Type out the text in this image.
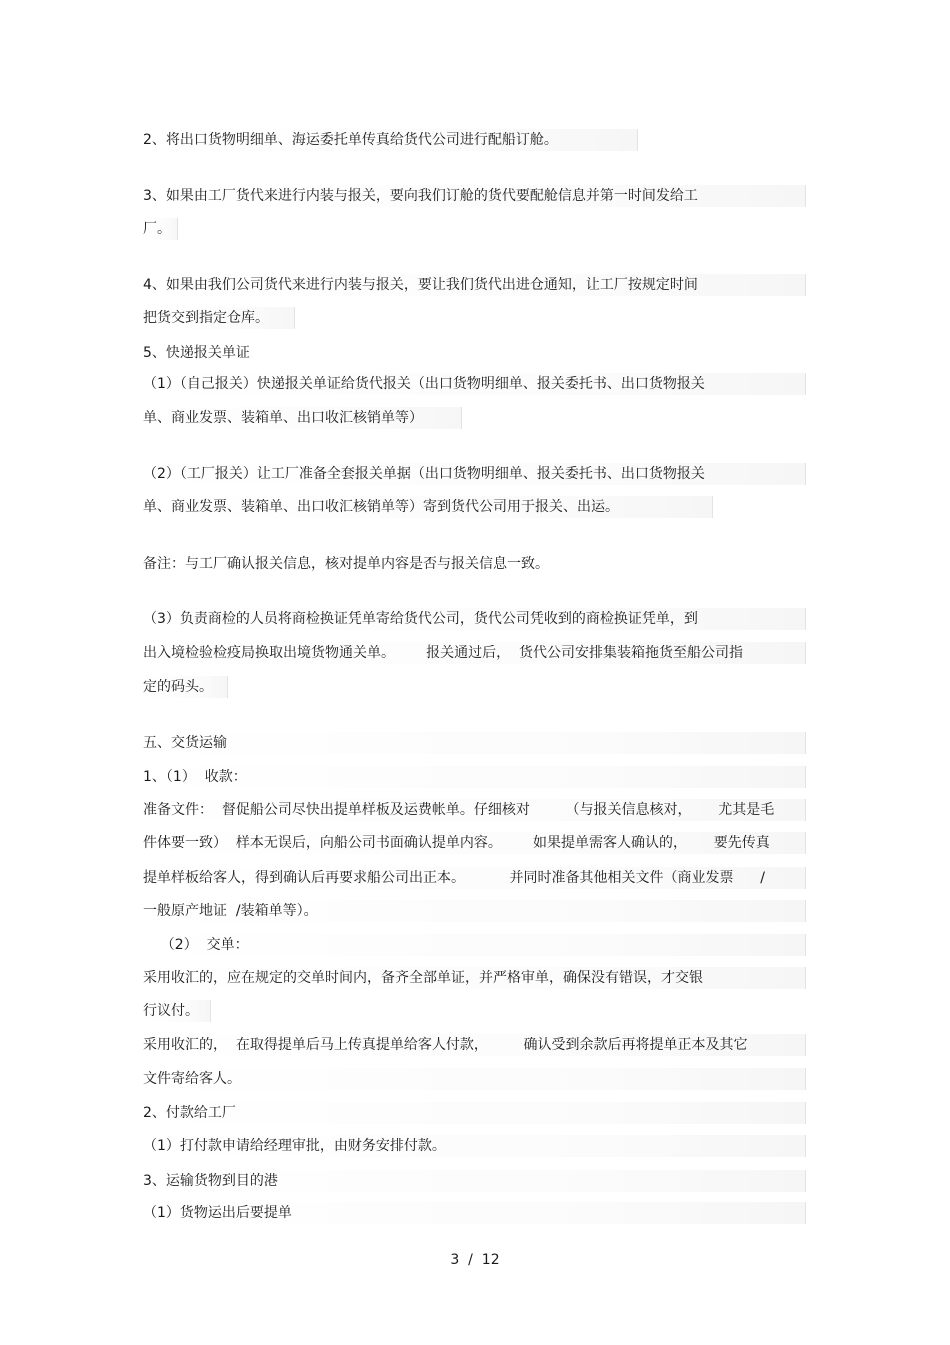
2、将出口货物明细单、海运委托单传真给货代公司进行配船订舱。
3、如果由工厂货代来进行内装与报关，要向我们订舱的货代要配舱信息并第一时间发给工
厂。
4、如果由我们公司货代来进行内装与报关，要让我们货代出进仓通知，让工厂按规定时间
把货交到指定仓库。
5、快递报关单证
（1）（自己报关）快递报关单证给货代报关（出口货物明细单、报关委托书、出口货物报关
单、商业发票、装箱单、出口收汇核销单等）
（2）（工厂报关）让工厂准备全套报关单据（出口货物明细单、报关委托书、出口货物报关
单、商业发票、装箱单、出口收汇核销单等）寄到货代公司用于报关、出运。
备注：与工厂确认报关信息，核对提单内容是否与报关信息一致。
（3）负责商检的人员将商检换证凭单寄给货代公司，货代公司凭收到的商检换证凭单，到
出入境检验检疫局换取出境货物通关单。       报关通过后，  货代公司安排集装箱拖货至船公司指
定的码头。
五、交货运输
1、（1）  收款：
准备文件：  督促船公司尽快出提单样板及运费帐单。仔细核对        （与报关信息核对，      尤其是毛
件体要一致）  样本无误后，向船公司书面确认提单内容。       如果提单需客人确认的，      要先传真
提单样板给客人，得到确认后再要求船公司出正本。          并同时准备其他相关文件（商业发票      /
一般原产地证  /装箱单等）。
（2）  交单：
采用收汇的，应在规定的交单时间内，备齐全部单证，并严格审单，确保没有错误，才交银
行议付。
采用收汇的，  在取得提单后马上传真提单给客人付款，        确认受到余款后再将提单正本及其它
文件寄给客人。
2、付款给工厂
（1）打付款申请给经理审批，由财务安排付款。
3、运输货物到目的港
（1）货物运出后要提单
3  /  12
